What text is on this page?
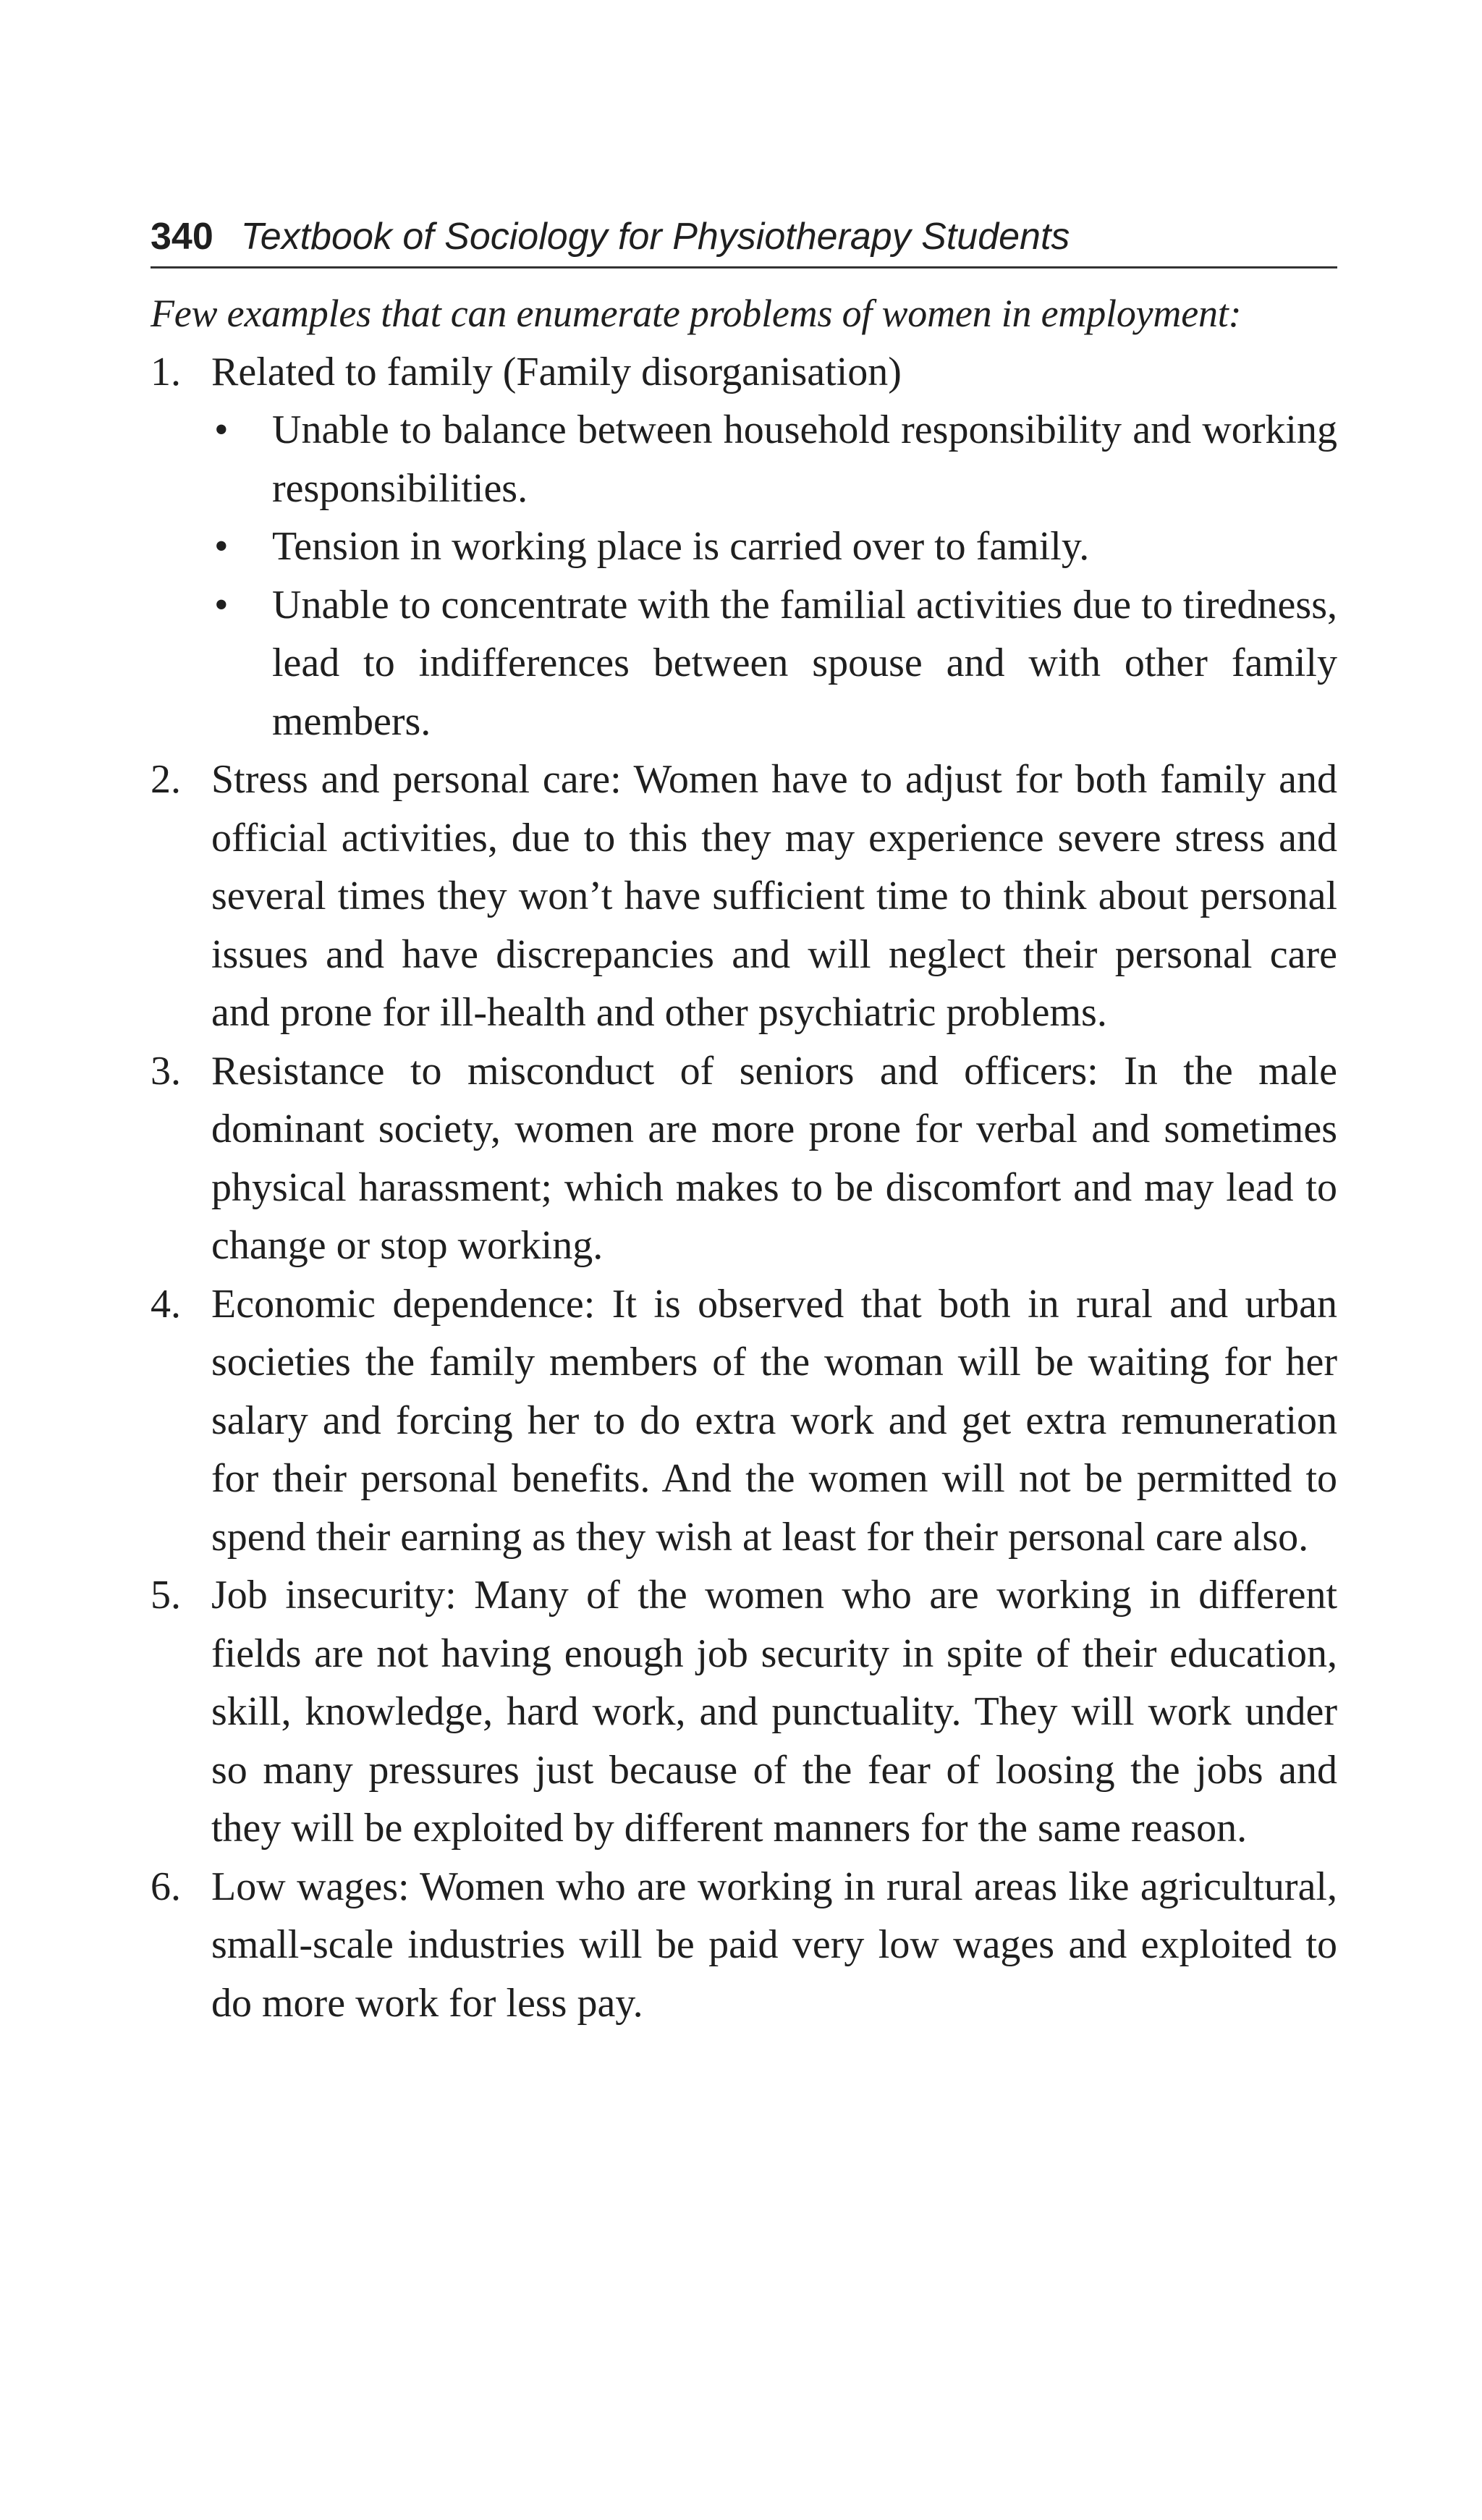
340 Textbook of Sociology for Physiotherapy Students
Few examples that can enumerate problems of women in employment:
1. Related to family (Family disorganisation)
• Unable to balance between household responsibility and working responsibilities.
• Tension in working place is carried over to family.
• Unable to concentrate with the familial activities due to tiredness, lead to indifferences between spouse and with other family members.
2. Stress and personal care: Women have to adjust for both family and official activities, due to this they may experience severe stress and several times they won’t have sufficient time to think about personal issues and have discrepancies and will neglect their personal care and prone for ill-health and other psychiatric problems.
3. Resistance to misconduct of seniors and officers: In the male dominant society, women are more prone for verbal and sometimes physical harassment; which makes to be discomfort and may lead to change or stop working.
4. Economic dependence: It is observed that both in rural and urban societies the family members of the woman will be waiting for her salary and forcing her to do extra work and get extra remuneration for their personal benefits. And the women will not be permitted to spend their earning as they wish at least for their personal care also.
5. Job insecurity: Many of the women who are working in different fields are not having enough job security in spite of their education, skill, knowledge, hard work, and punctuality. They will work under so many pressures just because of the fear of loosing the jobs and they will be exploited by different manners for the same reason.
6. Low wages: Women who are working in rural areas like agricultural, small-scale industries will be paid very low wages and exploited to do more work for less pay.
